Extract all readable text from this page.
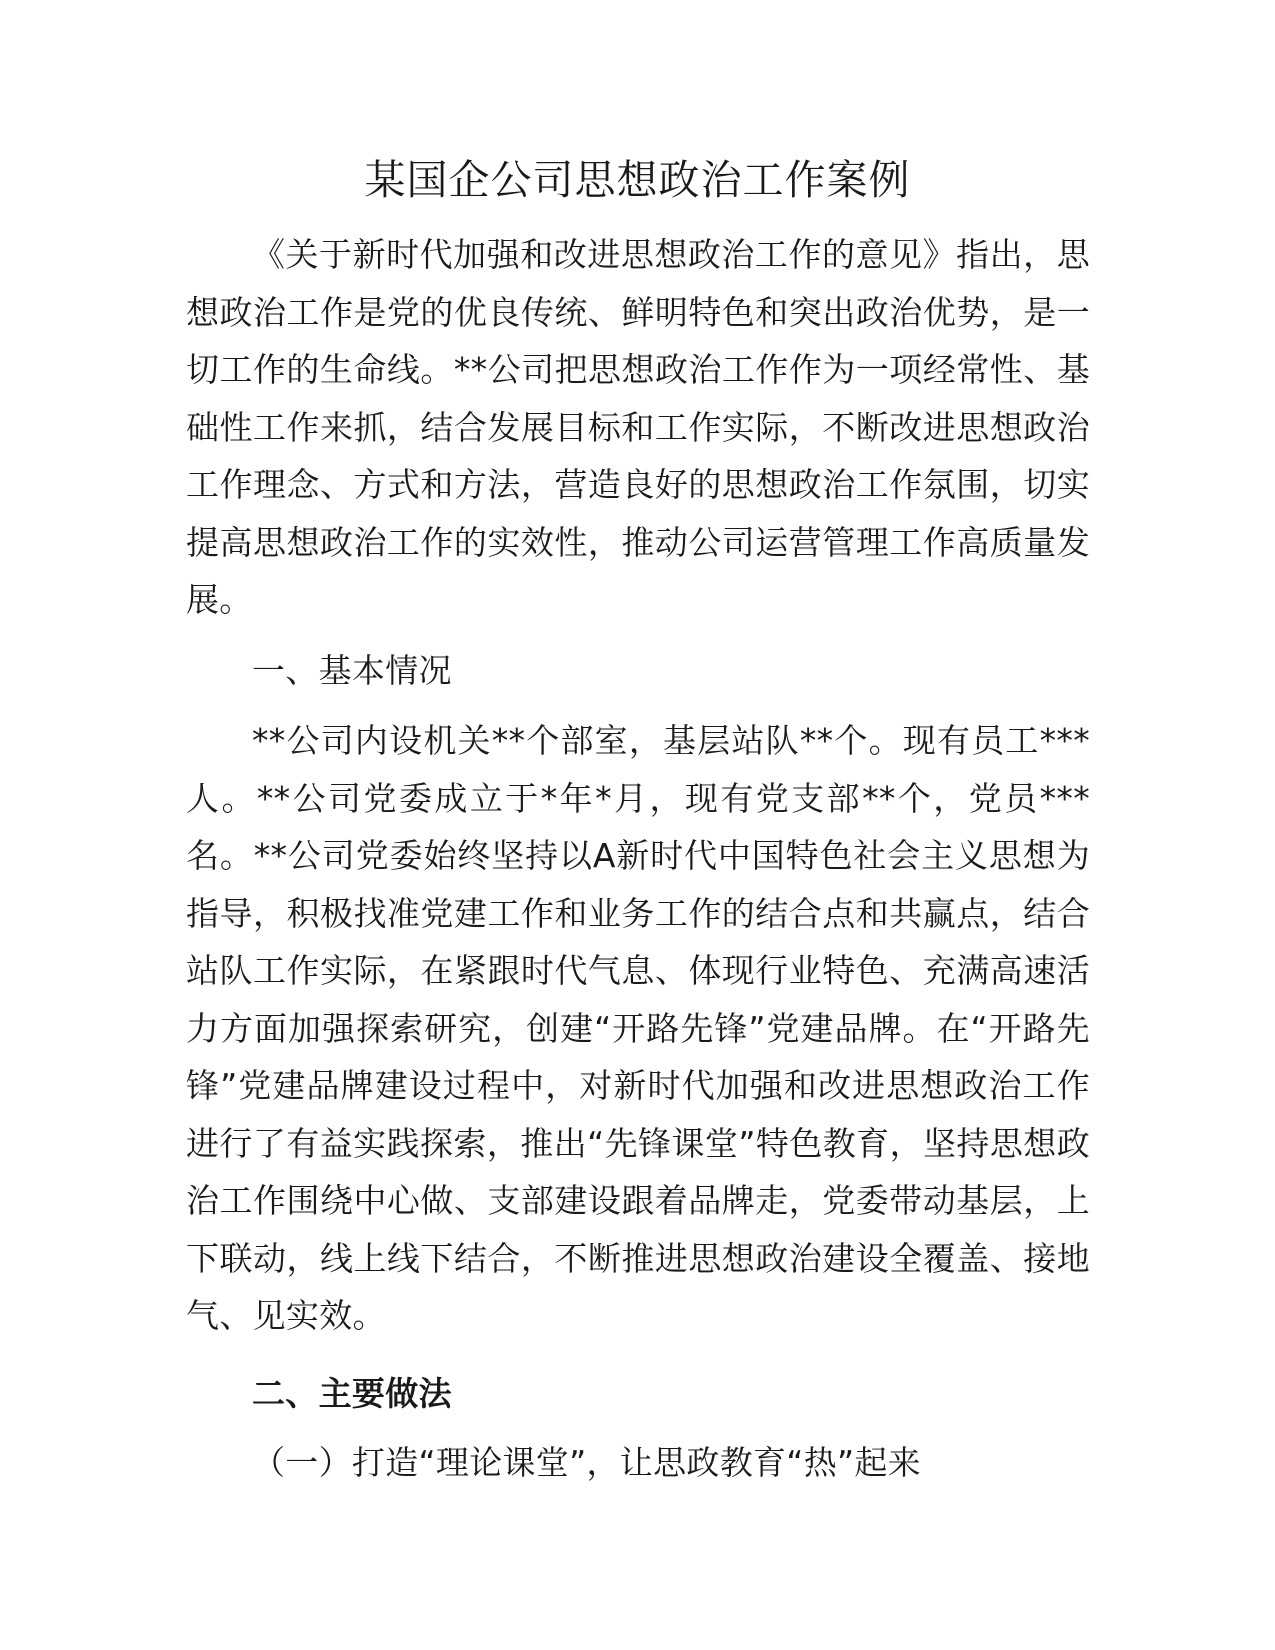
某国企公司思想政治工作案例

《关于新时代加强和改进思想政治工作的意见》指出，思想政治工作是党的优良传统、鲜明特色和突出政治优势，是一切工作的生命线。**公司把思想政治工作作为一项经常性、基础性工作来抓，结合发展目标和工作实际，不断改进思想政治工作理念、方式和方法，营造良好的思想政治工作氛围，切实提高思想政治工作的实效性，推动公司运营管理工作高质量发展。

一、基本情况

**公司内设机关**个部室，基层站队**个。现有员工***人。**公司党委成立于*年*月，现有党支部**个，党员***名。**公司党委始终坚持以A新时代中国特色社会主义思想为指导，积极找准党建工作和业务工作的结合点和共赢点，结合站队工作实际，在紧跟时代气息、体现行业特色、充满高速活力方面加强探索研究，创建“开路先锋”党建品牌。在“开路先锋”党建品牌建设过程中，对新时代加强和改进思想政治工作进行了有益实践探索，推出“先锋课堂”特色教育，坚持思想政治工作围绕中心做、支部建设跟着品牌走，党委带动基层，上下联动，线上线下结合，不断推进思想政治建设全覆盖、接地气、见实效。

二、主要做法

（一）打造“理论课堂”，让思政教育“热”起来
